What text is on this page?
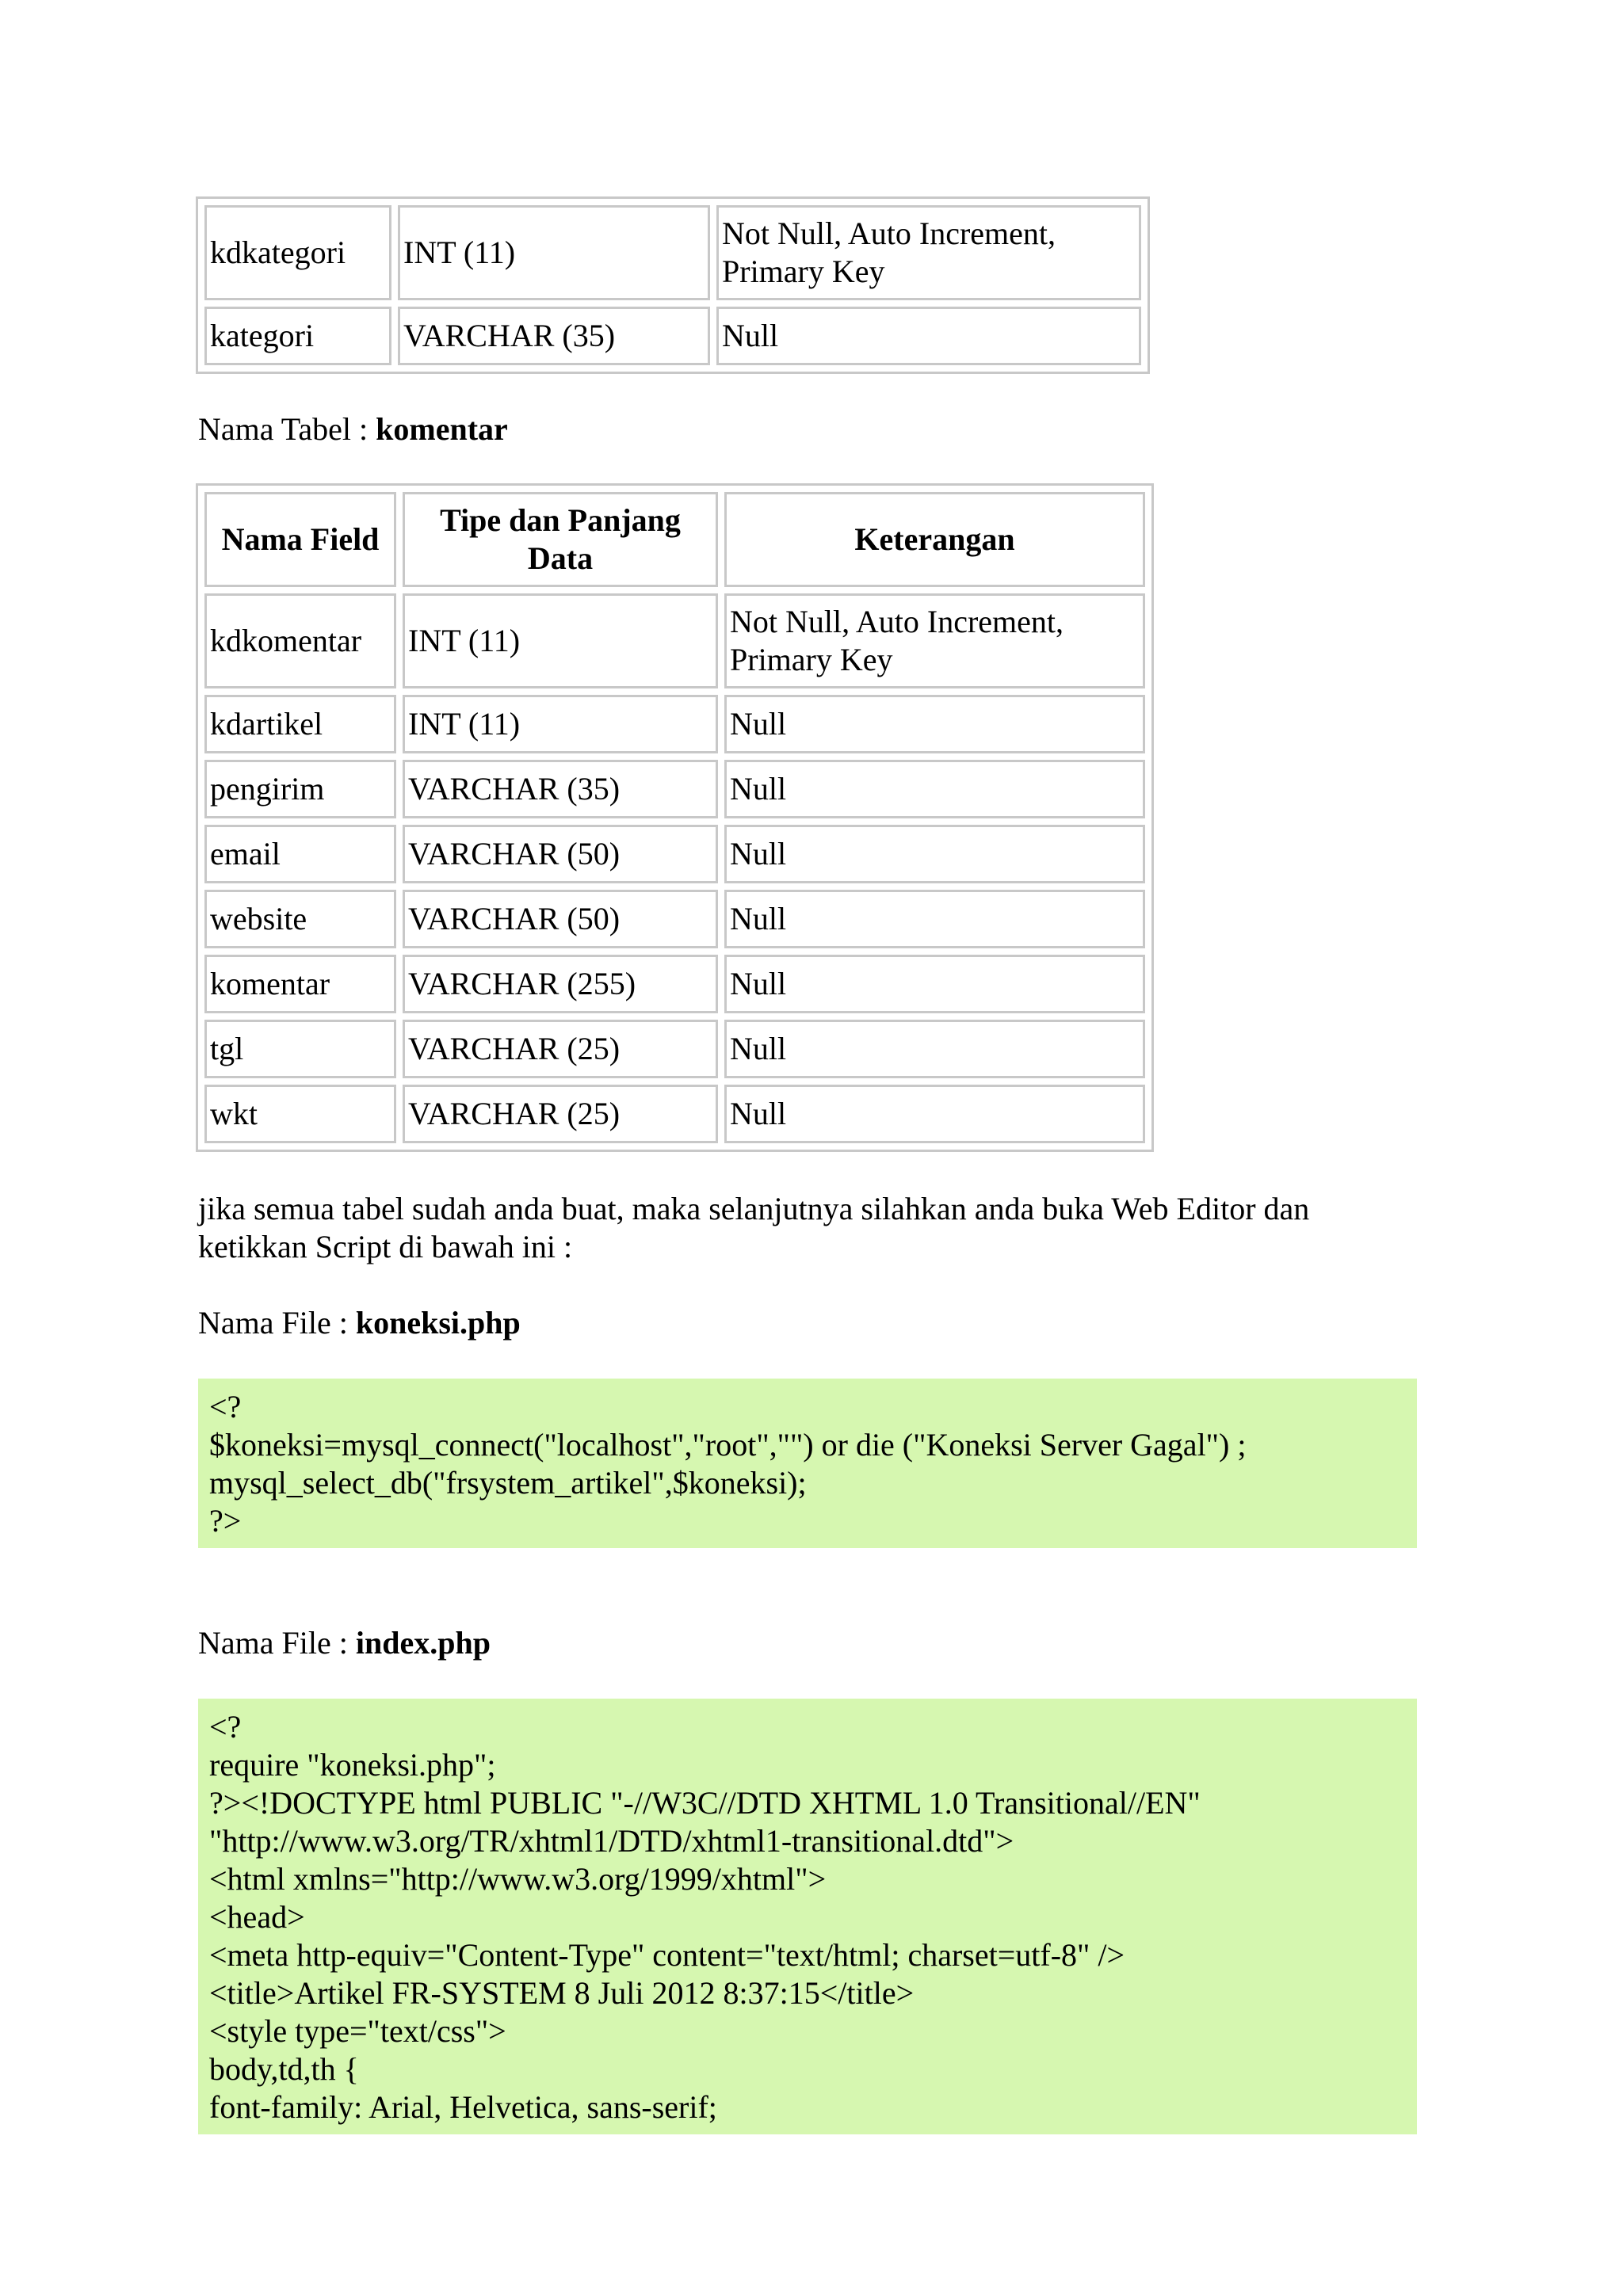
kdkategori	INT (11)	Not Null, Auto Increment, Primary Key
kategori	VARCHAR (35)	Null

Nama Tabel : komentar

Nama Field	Tipe dan Panjang Data	Keterangan
kdkomentar	INT (11)	Not Null, Auto Increment, Primary Key
kdartikel	INT (11)	Null
pengirim	VARCHAR (35)	Null
email	VARCHAR (50)	Null
website	VARCHAR (50)	Null
komentar	VARCHAR (255)	Null
tgl	VARCHAR (25)	Null
wkt	VARCHAR (25)	Null

jika semua tabel sudah anda buat, maka selanjutnya silahkan anda buka Web Editor dan ketikkan Script di bawah ini :

Nama File : koneksi.php

<?
$koneksi=mysql_connect("localhost","root","") or die ("Koneksi Server Gagal") ;
mysql_select_db("frsystem_artikel",$koneksi);
?>

Nama File : index.php

<?
require "koneksi.php";
?><!DOCTYPE html PUBLIC "-//W3C//DTD XHTML 1.0 Transitional//EN"
"http://www.w3.org/TR/xhtml1/DTD/xhtml1-transitional.dtd">
<html xmlns="http://www.w3.org/1999/xhtml">
<head>
<meta http-equiv="Content-Type" content="text/html; charset=utf-8" />
<title>Artikel FR-SYSTEM 8 Juli 2012 8:37:15</title>
<style type="text/css">
body,td,th {
font-family: Arial, Helvetica, sans-serif;
